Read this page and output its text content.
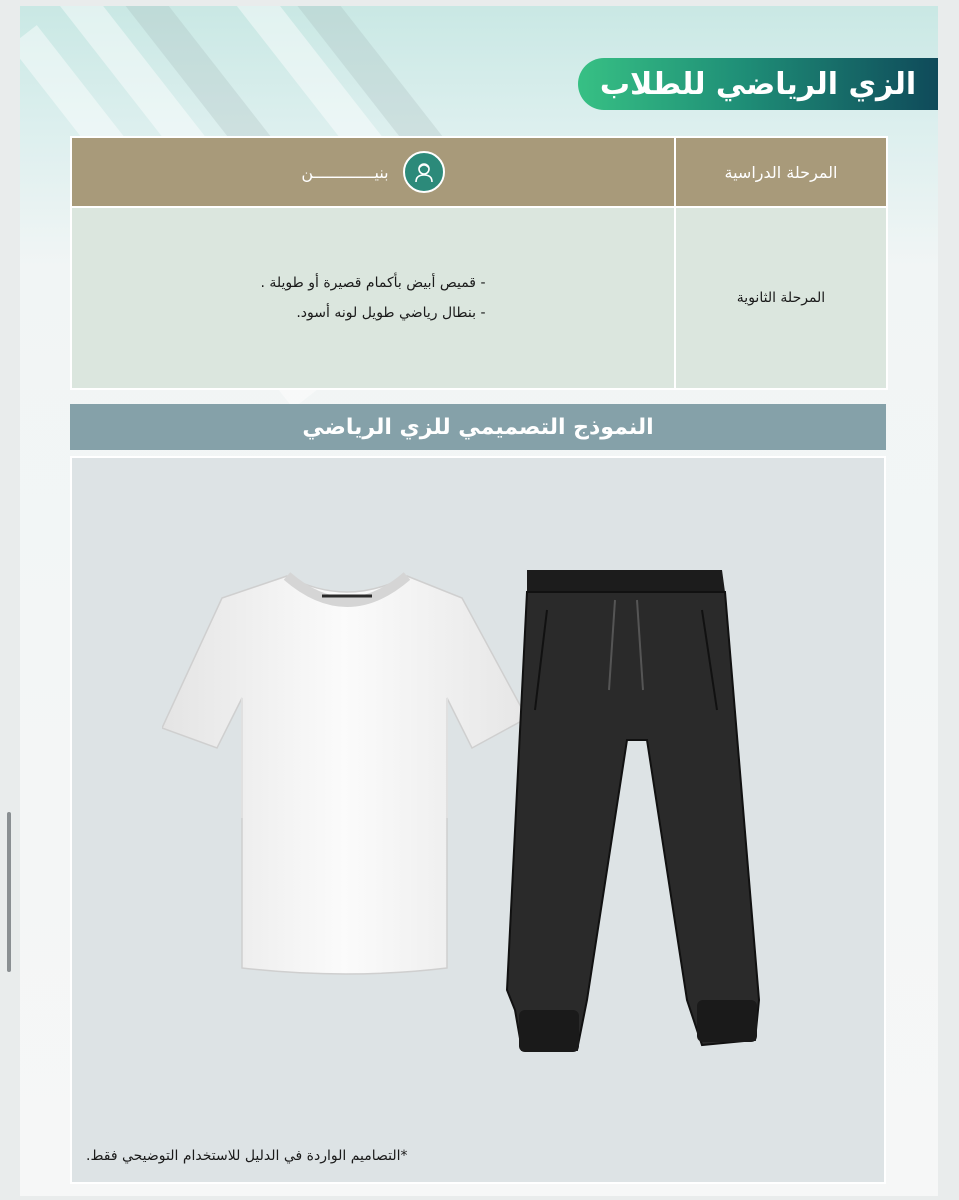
الزي الرياضي للطلاب
المرحلة الدراسية	بنيـــــــــــــن

المرحلة الثانوية	- قميص أبيض بأكمام قصيرة أو طويلة .
- بنطال رياضي طويل لونه أسود.
النموذج التصميمي للزي الرياضي
*التصاميم الواردة في الدليل للاستخدام التوضيحي فقط.
